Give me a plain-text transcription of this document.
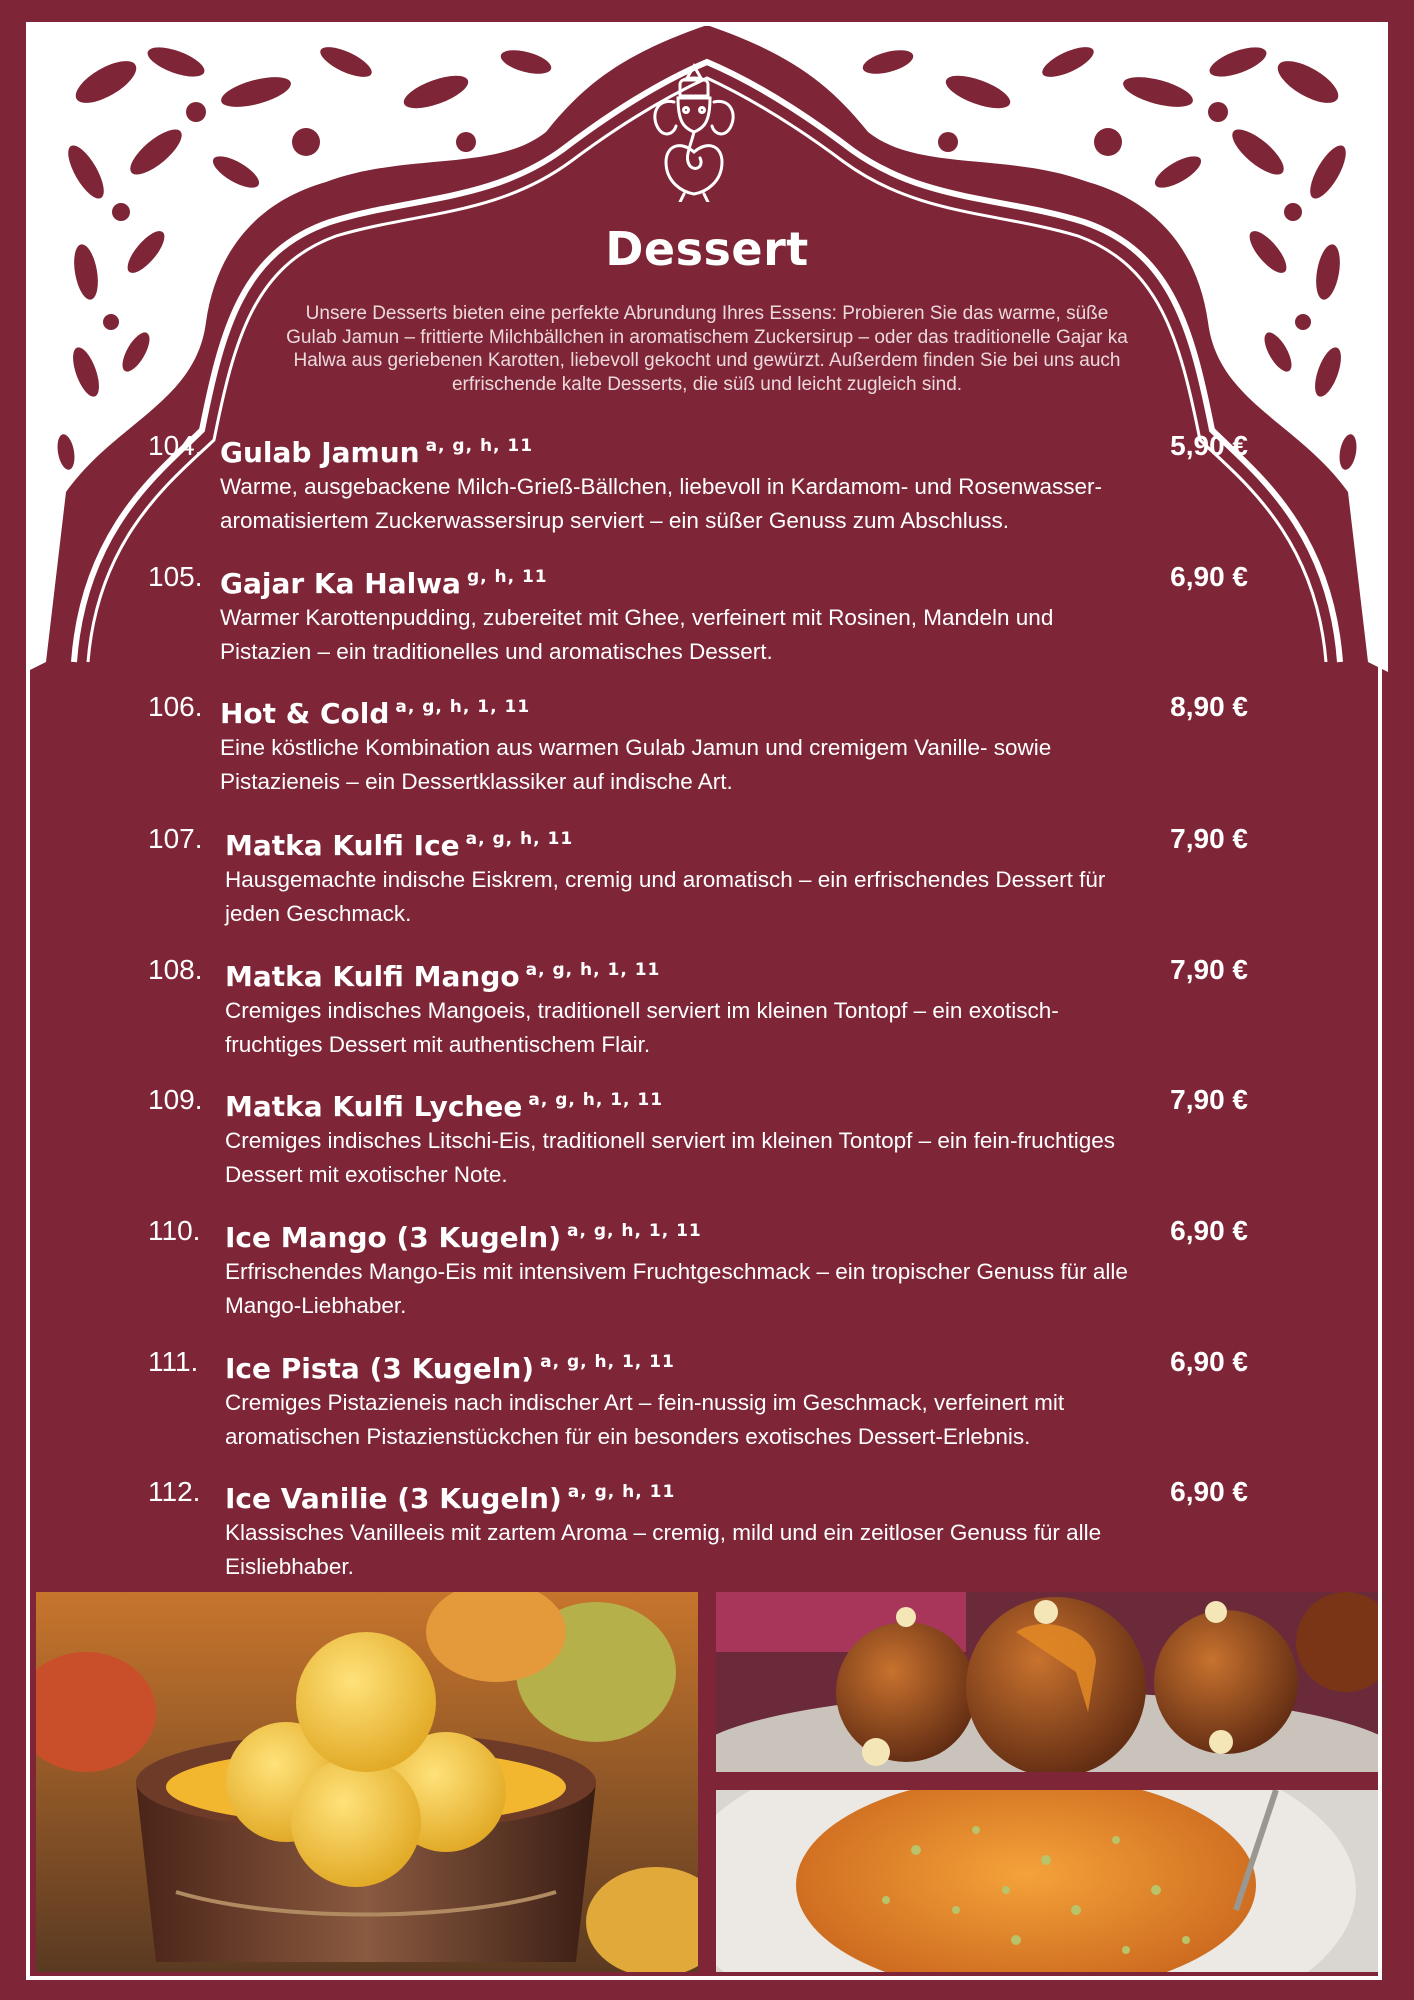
Dessert
Unsere Desserts bieten eine perfekte Abrundung Ihres Essens: Probieren Sie das warme, süße Gulab Jamun – frittierte Milchbällchen in aromatischem Zuckersirup – oder das traditionelle Gajar ka Halwa aus geriebenen Karotten, liebevoll gekocht und gewürzt. Außerdem finden Sie bei uns auch erfrischende kalte Desserts, die süß und leicht zugleich sind.
104. Gulab Jamun $^{a, g, h, 11}$	5,90 €
Warme, ausgebackene Milch-Grieß-Bällchen, liebevoll in Kardamom- und Rosenwasser-aromatisiertem Zuckerwassersirup serviert – ein süßer Genuss zum Abschluss.
105. Gajar Ka Halwa $^{g, h, 11}$	6,90 €
Warmer Karottenpudding, zubereitet mit Ghee, verfeinert mit Rosinen, Mandeln und Pistazien – ein traditionelles und aromatisches Dessert.
106. Hot & Cold $^{a, g, h, 1, 11}$	8,90 €
Eine köstliche Kombination aus warmen Gulab Jamun und cremigem Vanille- sowie Pistazieneis – ein Dessertklassiker auf indische Art.
107. Matka Kulfi Ice $^{a, g, h, 11}$	7,90 €
Hausgemachte indische Eiskrem, cremig und aromatisch – ein erfrischendes Dessert für jeden Geschmack.
108. Matka Kulfi Mango $^{a, g, h, 1, 11}$	7,90 €
Cremiges indisches Mangoeis, traditionell serviert im kleinen Tontopf – ein exotisch-fruchtiges Dessert mit authentischem Flair.
109. Matka Kulfi Lychee $^{a, g, h, 1, 11}$	7,90 €
Cremiges indisches Litschi-Eis, traditionell serviert im kleinen Tontopf – ein fein-fruchtiges Dessert mit exotischer Note.
110. Ice Mango (3 Kugeln) $^{a, g, h, 1, 11}$	6,90 €
Erfrischendes Mango-Eis mit intensivem Fruchtgeschmack – ein tropischer Genuss für alle Mango-Liebhaber.
111. Ice Pista (3 Kugeln) $^{a, g, h, 1, 11}$	6,90 €
Cremiges Pistazieneis nach indischer Art – fein-nussig im Geschmack, verfeinert mit aromatischen Pistazienstückchen für ein besonders exotisches Dessert-Erlebnis.
112. Ice Vanilie (3 Kugeln) $^{a, g, h, 11}$	6,90 €
Klassisches Vanilleeis mit zartem Aroma – cremig, mild und ein zeitloser Genuss für alle Eisliebhaber.
